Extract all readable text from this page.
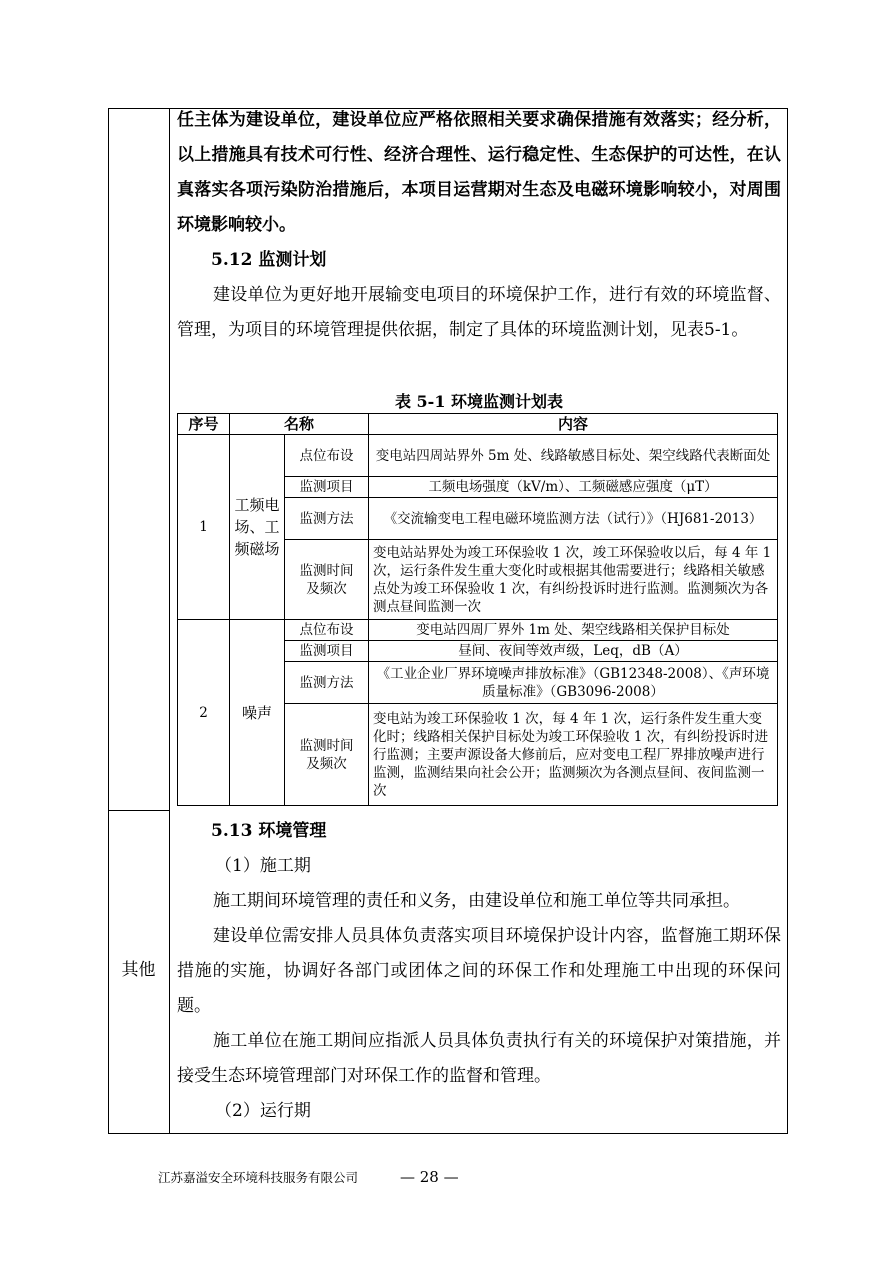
任主体为建设单位，建设单位应严格依照相关要求确保措施有效落实；经分析，以上措施具有技术可行性、经济合理性、运行稳定性、生态保护的可达性，在认真落实各项污染防治措施后，本项目运营期对生态及电磁环境影响较小，对周围环境影响较小。

5.12 监测计划

建设单位为更好地开展输变电项目的环境保护工作，进行有效的环境监督、管理，为项目的环境管理提供依据，制定了具体的环境监测计划，见表5-1。

表 5-1 环境监测计划表
序号	名称		内容
1	工频电场、工频磁场	点位布设	变电站四周站界外 5m 处、线路敏感目标处、架空线路代表断面处
		监测项目	工频电场强度（kV/m）、工频磁感应强度（μT）
		监测方法	《交流输变电工程电磁环境监测方法（试行）》（HJ681-2013）
		监测时间及频次	变电站站界处为竣工环保验收 1 次，竣工环保验收以后，每 4 年 1 次，运行条件发生重大变化时或根据其他需要进行；线路相关敏感点处为竣工环保验收 1 次，有纠纷投诉时进行监测。监测频次为各测点昼间监测一次
2	噪声	点位布设	变电站四周厂界外 1m 处、架空线路相关保护目标处
		监测项目	昼间、夜间等效声级，Leq，dB（A）
		监测方法	《工业企业厂界环境噪声排放标准》（GB12348-2008）、《声环境质量标准》（GB3096-2008）
		监测时间及频次	变电站为竣工环保验收 1 次，每 4 年 1 次，运行条件发生重大变化时；线路相关保护目标处为竣工环保验收 1 次，有纠纷投诉时进行监测；主要声源设备大修前后，应对变电工程厂界排放噪声进行监测，监测结果向社会公开；监测频次为各测点昼间、夜间监测一次
其他
5.13 环境管理
（1）施工期

施工期间环境管理的责任和义务，由建设单位和施工单位等共同承担。

建设单位需安排人员具体负责落实项目环境保护设计内容，监督施工期环保措施的实施，协调好各部门或团体之间的环保工作和处理施工中出现的环保问题。

施工单位在施工期间应指派人员具体负责执行有关的环境保护对策措施，并接受生态环境管理部门对环保工作的监督和管理。

（2）运行期
江苏嘉溢安全环境科技服务有限公司	— 28 —
